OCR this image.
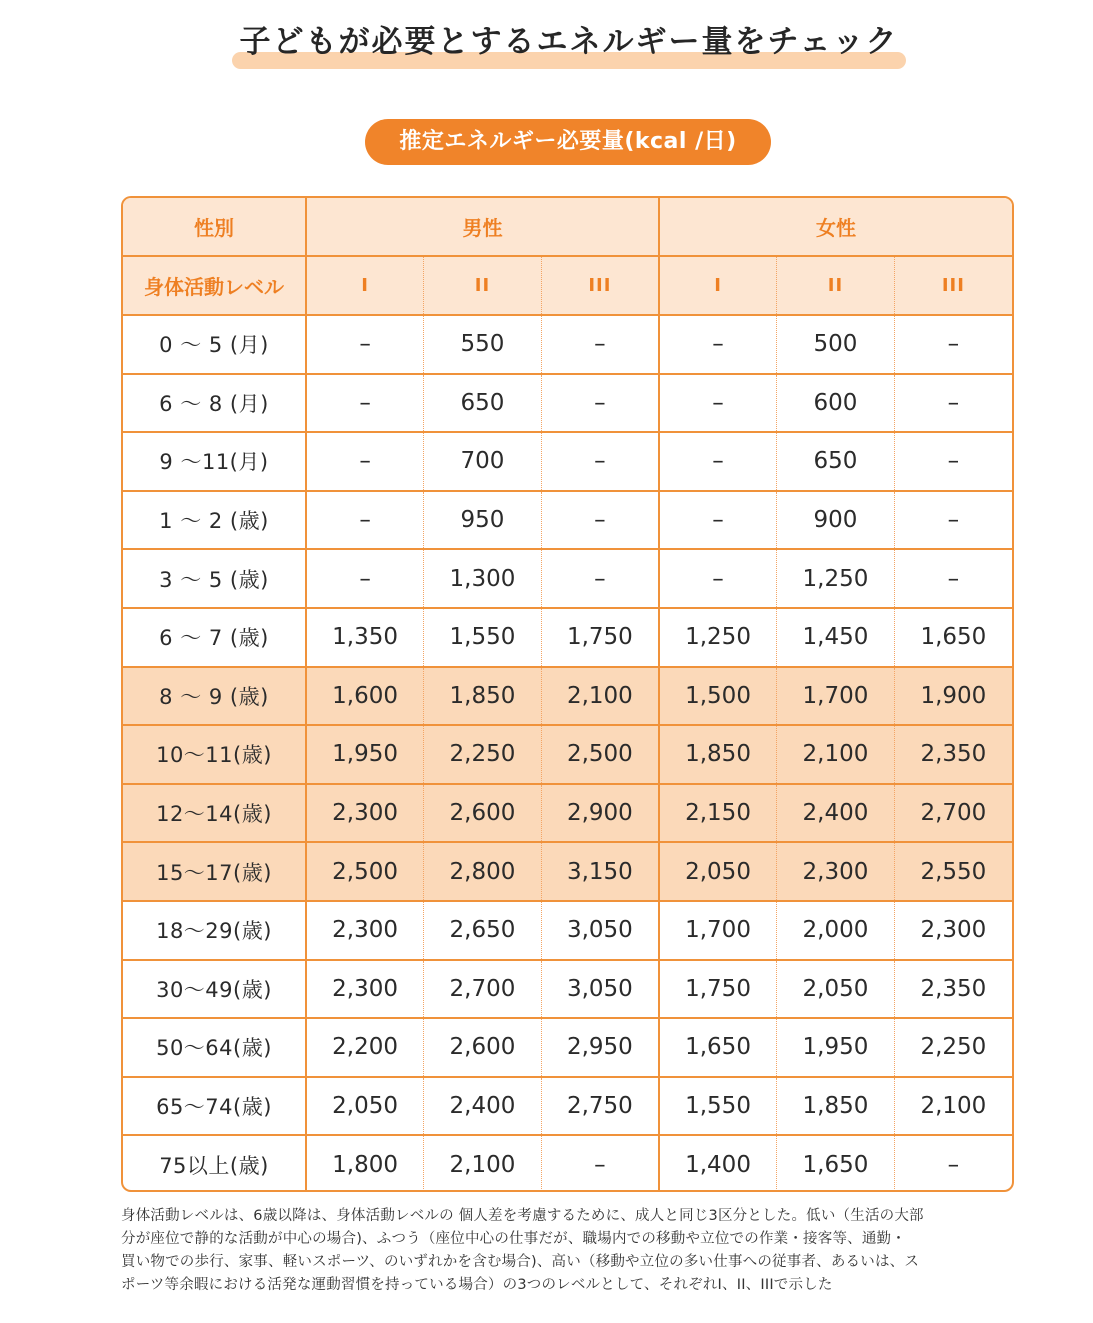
子どもが必要とするエネルギー量をチェック
推定エネルギー必要量(kcal /日)
性別	男性			女性		
身体活動レベル	I	II	III	I	II	III
0 ～ 5 (月)	–	550	–	–	500	–
6 ～ 8 (月)	–	650	–	–	600	–
9 ～11(月)	–	700	–	–	650	–
1 ～ 2 (歳)	–	950	–	–	900	–
3 ～ 5 (歳)	–	1,300	–	–	1,250	–
6 ～ 7 (歳)	1,350	1,550	1,750	1,250	1,450	1,650
8 ～ 9 (歳)	1,600	1,850	2,100	1,500	1,700	1,900
10～11(歳)	1,950	2,250	2,500	1,850	2,100	2,350
12～14(歳)	2,300	2,600	2,900	2,150	2,400	2,700
15～17(歳)	2,500	2,800	3,150	2,050	2,300	2,550
18～29(歳)	2,300	2,650	3,050	1,700	2,000	2,300
30～49(歳)	2,300	2,700	3,050	1,750	2,050	2,350
50～64(歳)	2,200	2,600	2,950	1,650	1,950	2,250
65～74(歳)	2,050	2,400	2,750	1,550	1,850	2,100
75以上(歳)	1,800	2,100	–	1,400	1,650	–
身体活動レベルは、6歳以降は、身体活動レベルの 個人差を考慮するために、成人と同じ3区分とした。低い（生活の大部
分が座位で静的な活動が中心の場合)、ふつう（座位中心の仕事だが、職場内での移動や立位での作業・接客等、通勤・
買い物での歩行、家事、軽いスポーツ、のいずれかを含む場合)、高い（移動や立位の多い仕事への従事者、あるいは、ス
ポーツ等余暇における活発な運動習慣を持っている場合）の3つのレベルとして、それぞれI、II、IIIで示した
